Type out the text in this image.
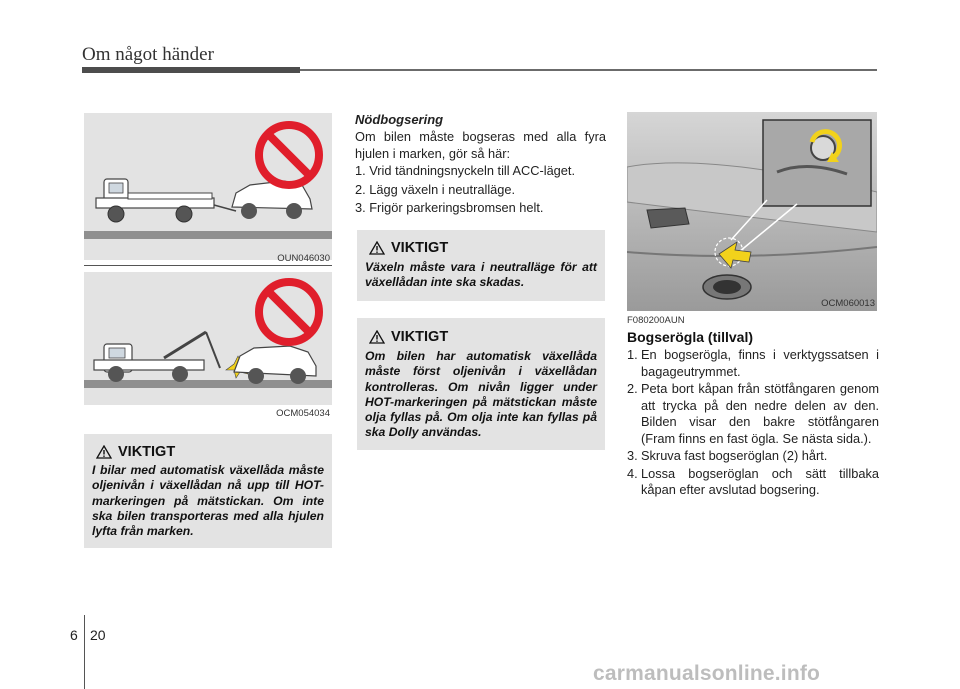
Om något händer
OUN046030
OCM054034
VIKTIGT
I bilar med automatisk växellåda måste oljenivån i växellådan nå upp till HOT-markeringen på mätstickan. Om inte ska bilen transporteras med alla hjulen lyfta från marken.
Nödbogsering
Om bilen måste bogseras med alla fyra hjulen i marken, gör så här:
1. Vrid tändningsnyckeln till ACC-läget.
2. Lägg växeln i neutralläge.
3. Frigör parkeringsbromsen helt.
VIKTIGT
Växeln måste vara i neutralläge för att växellådan inte ska skadas.
VIKTIGT
Om bilen har automatisk växellåda måste först oljenivån i växellådan kontrolleras. Om nivån ligger under HOT-markeringen på mätstickan måste olja fyllas på. Om olja inte kan fyllas på ska Dolly användas.
OCM060013
F080200AUN
Bogserögla (tillval)
1. En bogserögla, finns i verktygssatsen i bagageutrymmet.
2. Peta bort kåpan från stötfångaren genom att trycka på den nedre delen av den. Bilden visar den bakre stötfångaren (Fram finns en fast ögla. Se nästa sida.).
3. Skruva fast bogseröglan (2) hårt.
4. Lossa bogseröglan och sätt tillbaka kåpan efter avslutad bogsering.
6 20
carmanualsonline.info
